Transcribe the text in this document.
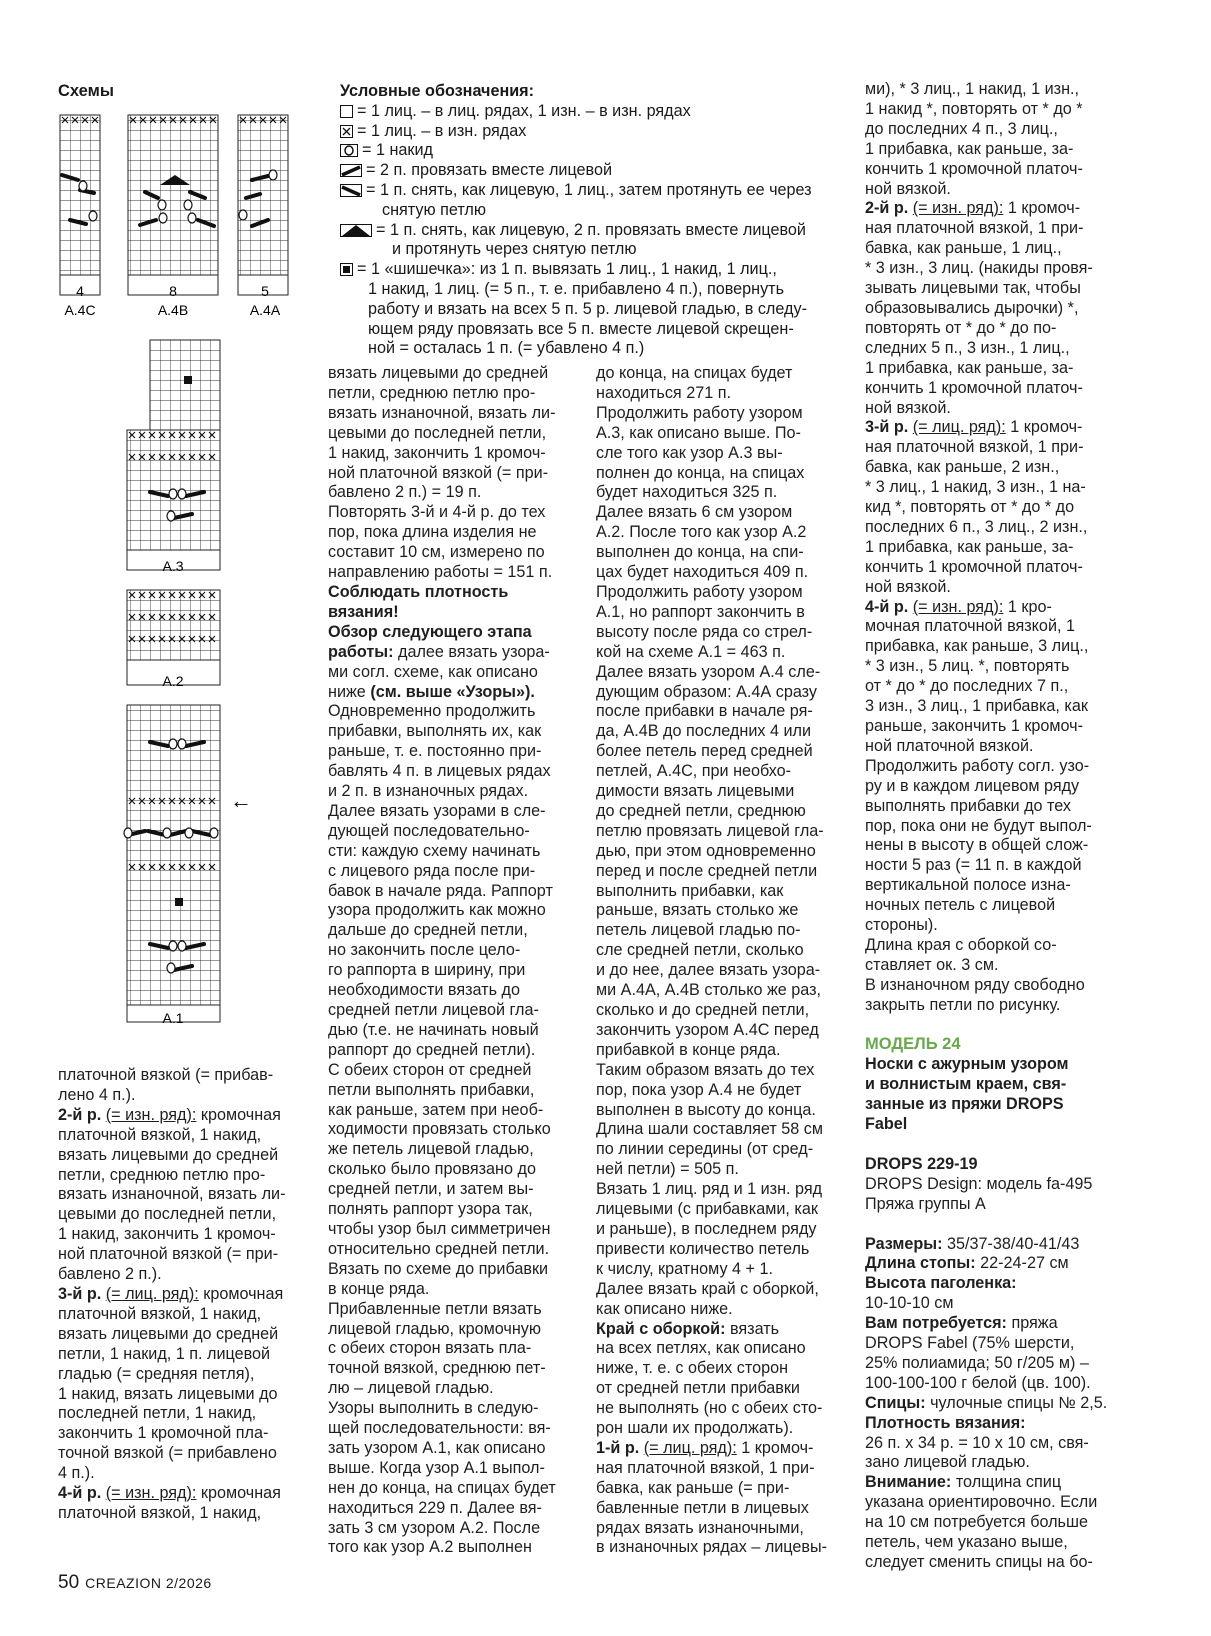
Схемы
4
А.4С
8
А.4В
5
А.4А
А.3
А.2
А.1
←
Условные обозначения:
= 1 лиц. – в лиц. рядах, 1 изн. – в изн. рядах
= 1 лиц. – в изн. рядах
= 1 накид
= 2 п. провязать вместе лицевой
= 1 п. снять, как лицевую, 1 лиц., затем протянуть ее через
снятую петлю
= 1 п. снять, как лицевую, 2 п. провязать вместе лицевой
и протянуть через снятую петлю
= 1 «шишечка»: из 1 п. вывязать 1 лиц., 1 накид, 1 лиц.,
1 накид, 1 лиц. (= 5 п., т. е. прибавлено 4 п.), повернуть
работу и вязать на всех 5 п. 5 р. лицевой гладью, в следу-
ющем ряду провязать все 5 п. вместе лицевой скрещен-
ной = осталась 1 п. (= убавлено 4 п.)
платочной вязкой (= прибав-
лено 4 п.).
2-й р. (= изн. ряд): кромочная
платочной вязкой, 1 накид,
вязать лицевыми до средней
петли, среднюю петлю про-
вязать изнаночной, вязать ли-
цевыми до последней петли,
1 накид, закончить 1 кромоч-
ной платочной вязкой (= при-
бавлено 2 п.).
3-й р. (= лиц. ряд): кромочная
платочной вязкой, 1 накид,
вязать лицевыми до средней
петли, 1 накид, 1 п. лицевой
гладью (= средняя петля),
1 накид, вязать лицевыми до
последней петли, 1 накид,
закончить 1 кромочной пла-
точной вязкой (= прибавлено
4 п.).
4-й р. (= изн. ряд): кромочная
платочной вязкой, 1 накид,
вязать лицевыми до средней
петли, среднюю петлю про-
вязать изнаночной, вязать ли-
цевыми до последней петли,
1 накид, закончить 1 кромоч-
ной платочной вязкой (= при-
бавлено 2 п.) = 19 п.
Повторять 3-й и 4-й р. до тех
пор, пока длина изделия не
составит 10 см, измерено по
направлению работы = 151 п.
Соблюдать плотность
вязания!
Обзор следующего этапа
работы: далее вязать узора-
ми согл. схеме, как описано
ниже (см. выше «Узоры»).
Одновременно продолжить
прибавки, выполнять их, как
раньше, т. е. постоянно при-
бавлять 4 п. в лицевых рядах
и 2 п. в изнаночных рядах.
Далее вязать узорами в сле-
дующей последовательно-
сти: каждую схему начинать
с лицевого ряда после при-
бавок в начале ряда. Раппорт
узора продолжить как можно
дальше до средней петли,
но закончить после цело-
го раппорта в ширину, при
необходимости вязать до
средней петли лицевой гла-
дью (т.е. не начинать новый
раппорт до средней петли).
С обеих сторон от средней
петли выполнять прибавки,
как раньше, затем при необ-
ходимости провязать столько
же петель лицевой гладью,
сколько было провязано до
средней петли, и затем вы-
полнять раппорт узора так,
чтобы узор был симметричен
относительно средней петли.
Вязать по схеме до прибавки
в конце ряда.
Прибавленные петли вязать
лицевой гладью, кромочную
с обеих сторон вязать пла-
точной вязкой, среднюю пет-
лю – лицевой гладью.
Узоры выполнить в следую-
щей последовательности: вя-
зать узором А.1, как описано
выше. Когда узор А.1 выпол-
нен до конца, на спицах будет
находиться 229 п. Далее вя-
зать 3 см узором А.2. После
того как узор А.2 выполнен
до конца, на спицах будет
находиться 271 п.
Продолжить работу узором
А.3, как описано выше. По-
сле того как узор А.3 вы-
полнен до конца, на спицах
будет находиться 325 п.
Далее вязать 6 см узором
А.2. После того как узор А.2
выполнен до конца, на спи-
цах будет находиться 409 п.
Продолжить работу узором
А.1, но раппорт закончить в
высоту после ряда со стрел-
кой на схеме А.1 = 463 п.
Далее вязать узором А.4 сле-
дующим образом: А.4А сразу
после прибавки в начале ря-
да, А.4В до последних 4 или
более петель перед средней
петлей, А.4С, при необхо-
димости вязать лицевыми
до средней петли, среднюю
петлю провязать лицевой гла-
дью, при этом одновременно
перед и после средней петли
выполнить прибавки, как
раньше, вязать столько же
петель лицевой гладью по-
сле средней петли, сколько
и до нее, далее вязать узора-
ми А.4А, А.4В столько же раз,
сколько и до средней петли,
закончить узором А.4С перед
прибавкой в конце ряда.
Таким образом вязать до тех
пор, пока узор А.4 не будет
выполнен в высоту до конца.
Длина шали составляет 58 см
по линии середины (от сред-
ней петли) = 505 п.
Вязать 1 лиц. ряд и 1 изн. ряд
лицевыми (с прибавками, как
и раньше), в последнем ряду
привести количество петель
к числу, кратному 4 + 1.
Далее вязать край с оборкой,
как описано ниже.
Край с оборкой: вязать
на всех петлях, как описано
ниже, т. е. с обеих сторон
от средней петли прибавки
не выполнять (но с обеих сто-
рон шали их продолжать).
1-й р. (= лиц. ряд): 1 кромоч-
ная платочной вязкой, 1 при-
бавка, как раньше (= при-
бавленные петли в лицевых
рядах вязать изнаночными,
в изнаночных рядах – лицевы-
ми), * 3 лиц., 1 накид, 1 изн.,
1 накид *, повторять от * до *
до последних 4 п., 3 лиц.,
1 прибавка, как раньше, за-
кончить 1 кромочной платоч-
ной вязкой.
2-й р. (= изн. ряд): 1 кромоч-
ная платочной вязкой, 1 при-
бавка, как раньше, 1 лиц.,
* 3 изн., 3 лиц. (накиды провя-
зывать лицевыми так, чтобы
образовывались дырочки) *,
повторять от * до * до по-
следних 5 п., 3 изн., 1 лиц.,
1 прибавка, как раньше, за-
кончить 1 кромочной платоч-
ной вязкой.
3-й р. (= лиц. ряд): 1 кромоч-
ная платочной вязкой, 1 при-
бавка, как раньше, 2 изн.,
* 3 лиц., 1 накид, 3 изн., 1 на-
кид *, повторять от * до * до
последних 6 п., 3 лиц., 2 изн.,
1 прибавка, как раньше, за-
кончить 1 кромочной платоч-
ной вязкой.
4-й р. (= изн. ряд): 1 кро-
мочная платочной вязкой, 1
прибавка, как раньше, 3 лиц.,
* 3 изн., 5 лиц. *, повторять
от * до * до последних 7 п.,
3 изн., 3 лиц., 1 прибавка, как
раньше, закончить 1 кромоч-
ной платочной вязкой.
Продолжить работу согл. узо-
ру и в каждом лицевом ряду
выполнять прибавки до тех
пор, пока они не будут выпол-
нены в высоту в общей слож-
ности 5 раз (= 11 п. в каждой
вертикальной полосе изна-
ночных петель с лицевой
стороны).
Длина края с оборкой со-
ставляет ок. 3 см.
В изнаночном ряду свободно
закрыть петли по рисунку.
МОДЕЛЬ 24
Носки с ажурным узором
и волнистым краем, свя-
занные из пряжи DROPS
Fabel
DROPS 229-19
DROPS Design: модель fa-495
Пряжа группы А
Размеры: 35/37-38/40-41/43
Длина стопы: 22-24-27 см
Высота паголенка:
10-10-10 см
Вам потребуется: пряжа
DROPS Fabel (75% шерсти,
25% полиамида; 50 г/205 м) –
100-100-100 г белой (цв. 100).
Спицы: чулочные спицы № 2,5.
Плотность вязания:
26 п. х 34 р. = 10 х 10 см, свя-
зано лицевой гладью.
Внимание: толщина спиц
указана ориентировочно. Если
на 10 см потребуется больше
петель, чем указано выше,
следует сменить спицы на бо-
50 CREAZION 2/2026
